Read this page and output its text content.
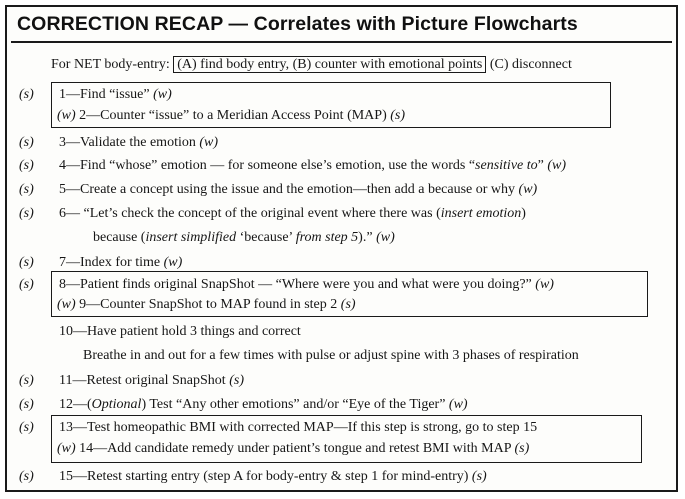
CORRECTION RECAP — Correlates with Picture Flowcharts
For NET body-entry: (A) find body entry, (B) counter with emotional points (C) disconnect
(s) 1—Find “issue” (w)
(w) 2—Counter “issue” to a Meridian Access Point (MAP) (s)
(s) 3—Validate the emotion (w)
(s) 4—Find “whose” emotion — for someone else’s emotion, use the words “sensitive to” (w)
(s) 5—Create a concept using the issue and the emotion—then add a because or why (w)
(s) 6— “Let’s check the concept of the original event where there was (insert emotion)
because (insert simplified ‘because’ from step 5).” (w)
(s) 7—Index for time (w)
(s) 8—Patient finds original SnapShot — “Where were you and what were you doing?” (w)
(w) 9—Counter SnapShot to MAP found in step 2 (s)
10—Have patient hold 3 things and correct
Breathe in and out for a few times with pulse or adjust spine with 3 phases of respiration
(s) 11—Retest original SnapShot (s)
(s) 12—(Optional) Test “Any other emotions” and/or “Eye of the Tiger” (w)
(s) 13—Test homeopathic BMI with corrected MAP—If this step is strong, go to step 15
(w) 14—Add candidate remedy under patient’s tongue and retest BMI with MAP (s)
(s) 15—Retest starting entry (step A for body-entry & step 1 for mind-entry) (s)
